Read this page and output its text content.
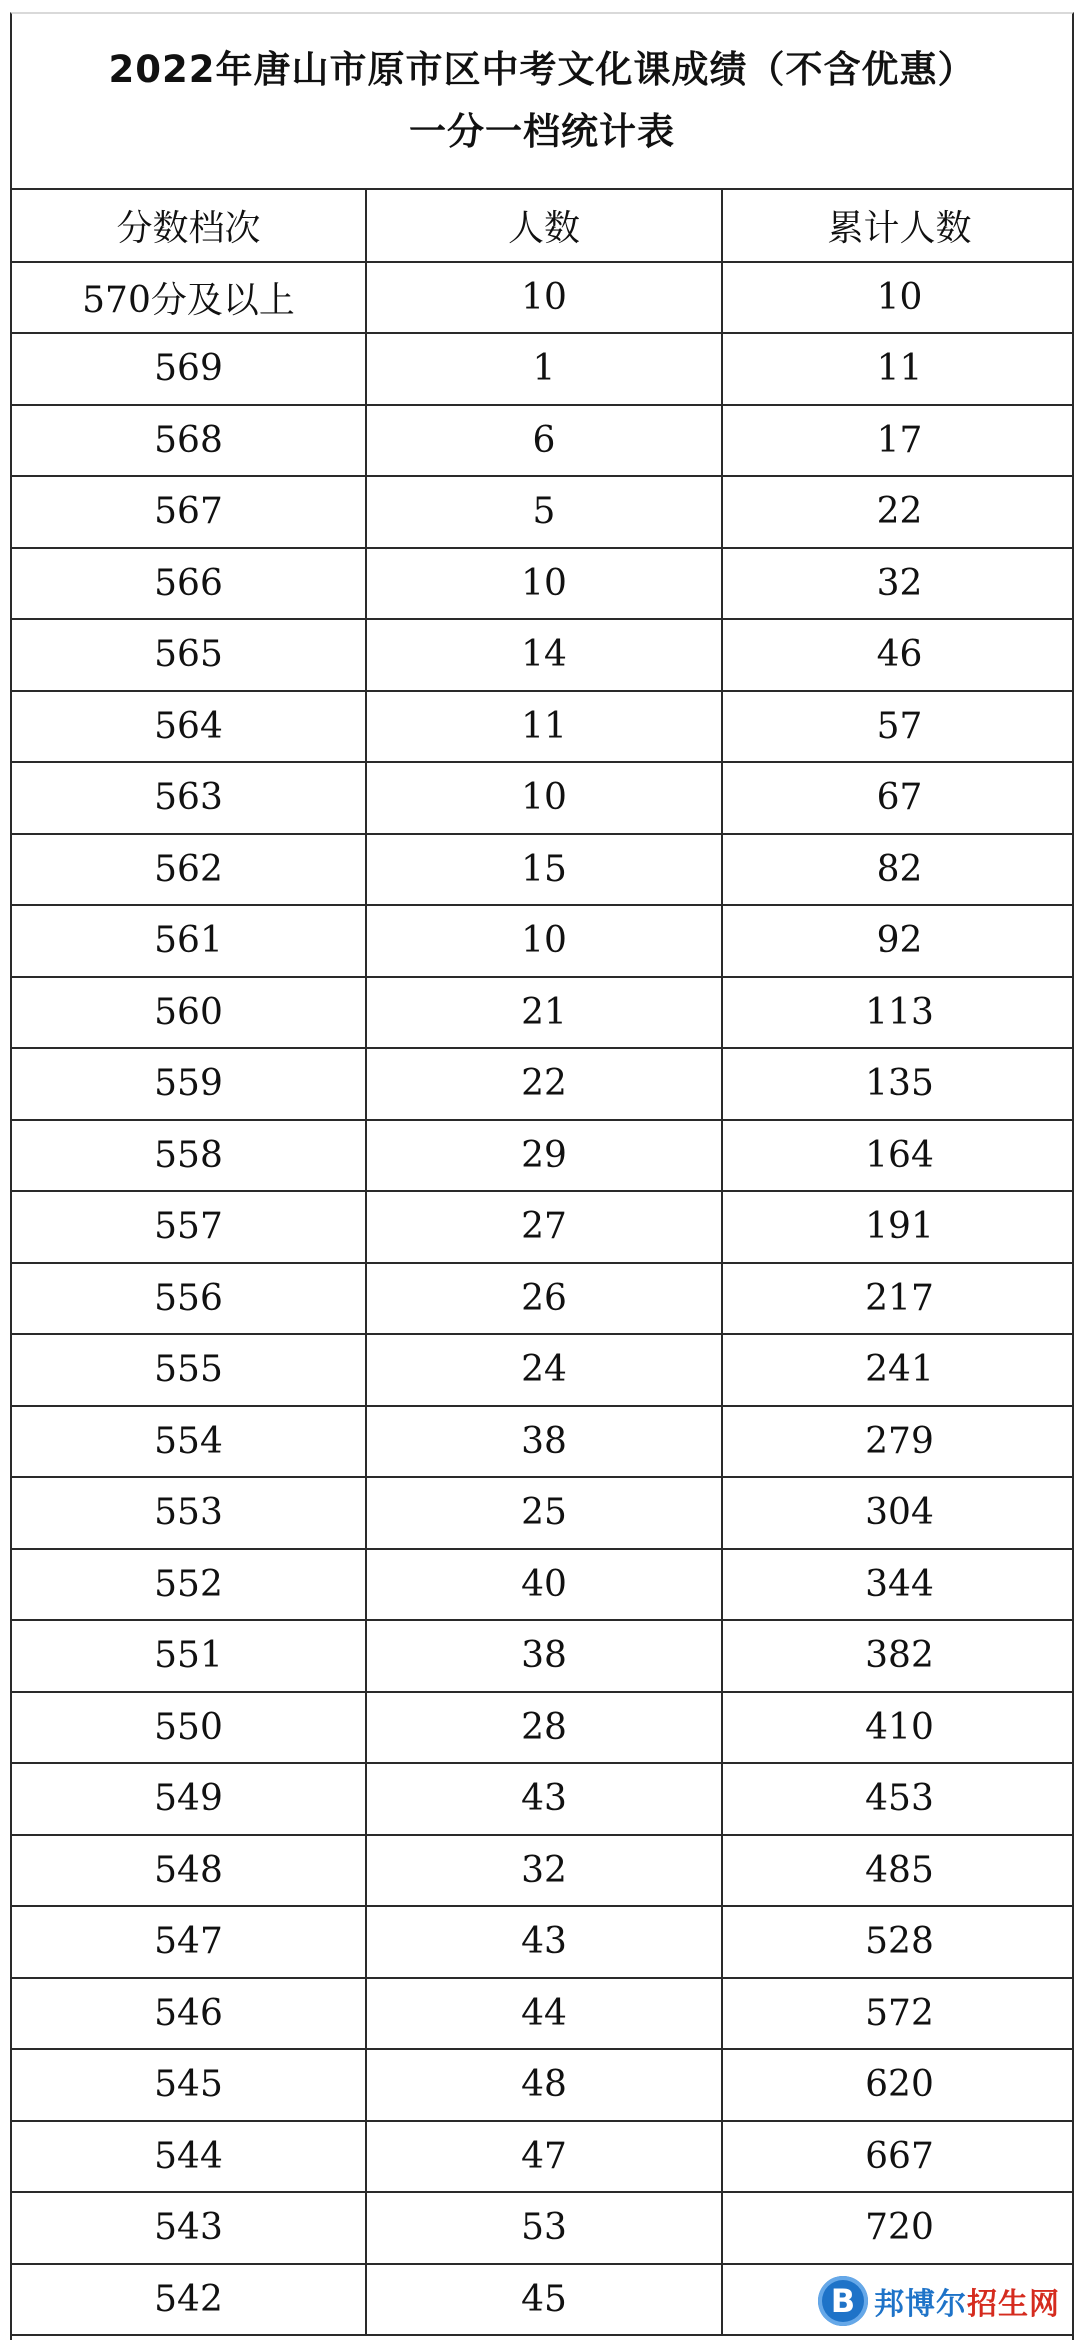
2022年唐山市原市区中考文化课成绩（不含优惠）
一分一档统计表
分数档次	人数	累计人数
570分及以上	10	10
569	1	11
568	6	17
567	5	22
566	10	32
565	14	46
564	11	57
563	10	67
562	15	82
561	10	92
560	21	113
559	22	135
558	29	164
557	27	191
556	26	217
555	24	241
554	38	279
553	25	304
552	40	344
551	38	382
550	28	410
549	43	453
548	32	485
547	43	528
546	44	572
545	48	620
544	47	667
543	53	720
542	45		B 邦博尔招生网
